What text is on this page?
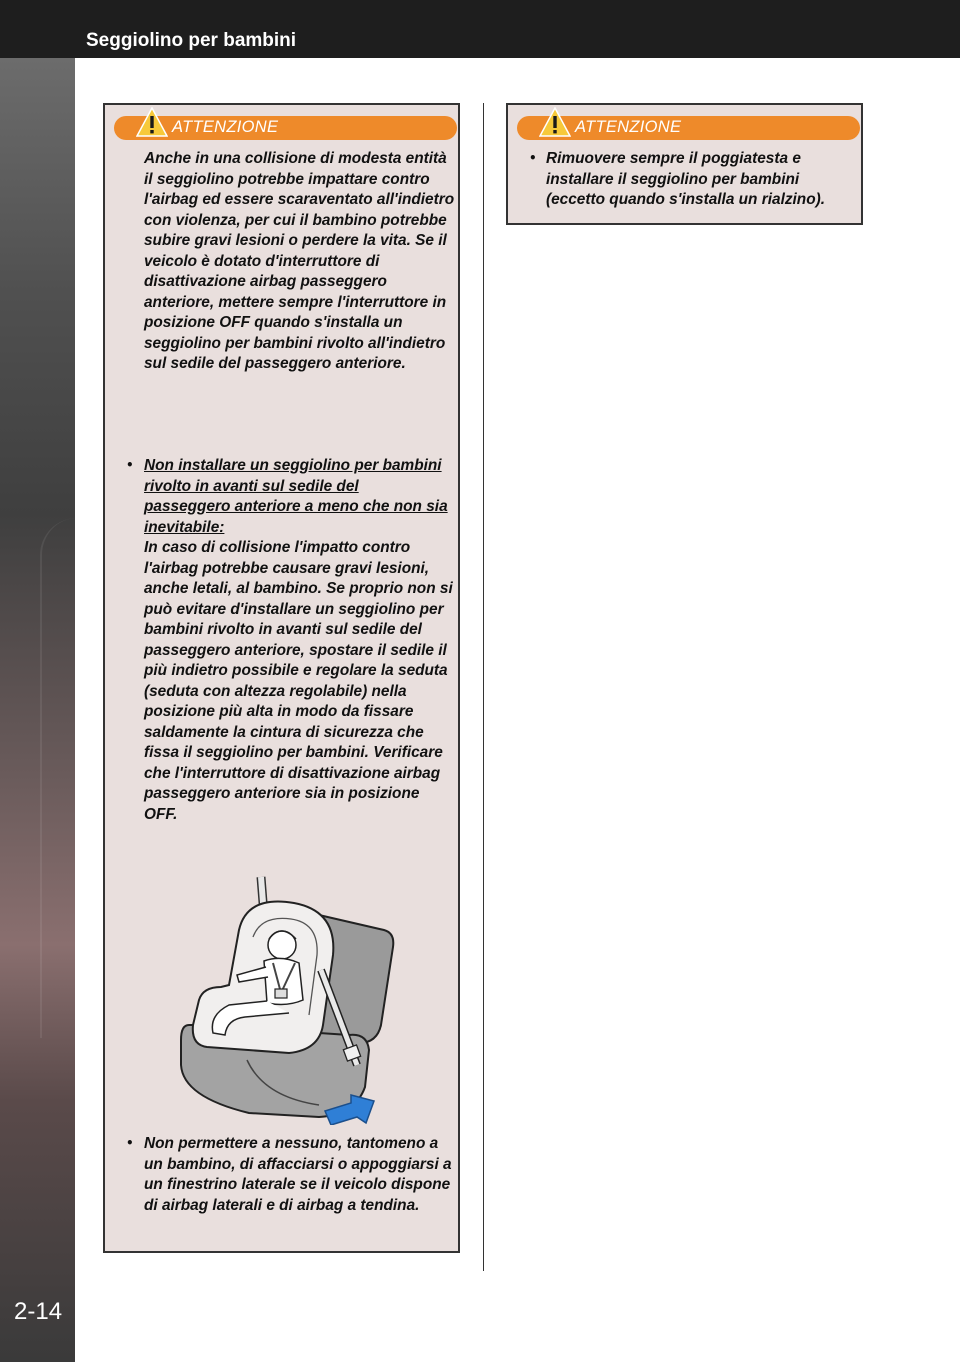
Seggiolino per bambini
2-14
ATTENZIONE
Anche in una collisione di modesta entità il seggiolino potrebbe impattare contro l'airbag ed essere scaraventato all'indietro con violenza, per cui il bambino potrebbe subire gravi lesioni o perdere la vita. Se il veicolo è dotato d'interruttore di disattivazione airbag passeggero anteriore, mettere sempre l'interruttore in posizione OFF quando s'installa un seggiolino per bambini rivolto all'indietro sul sedile del passeggero anteriore.
• Non installare un seggiolino per bambini rivolto in avanti sul sedile del passeggero anteriore a meno che non sia inevitabile:
In caso di collisione l'impatto contro l'airbag potrebbe causare gravi lesioni, anche letali, al bambino. Se proprio non si può evitare d'installare un seggiolino per bambini rivolto in avanti sul sedile del passeggero anteriore, spostare il sedile il più indietro possibile e regolare la seduta (seduta con altezza regolabile) nella posizione più alta in modo da fissare saldamente la cintura di sicurezza che fissa il seggiolino per bambini. Verificare che l'interruttore di disattivazione airbag passeggero anteriore sia in posizione OFF.
• Non permettere a nessuno, tantomeno a un bambino, di affacciarsi o appoggiarsi a un finestrino laterale se il veicolo dispone di airbag laterali e di airbag a tendina.
ATTENZIONE
• Rimuovere sempre il poggiatesta e installare il seggiolino per bambini (eccetto quando s'installa un rialzino).
